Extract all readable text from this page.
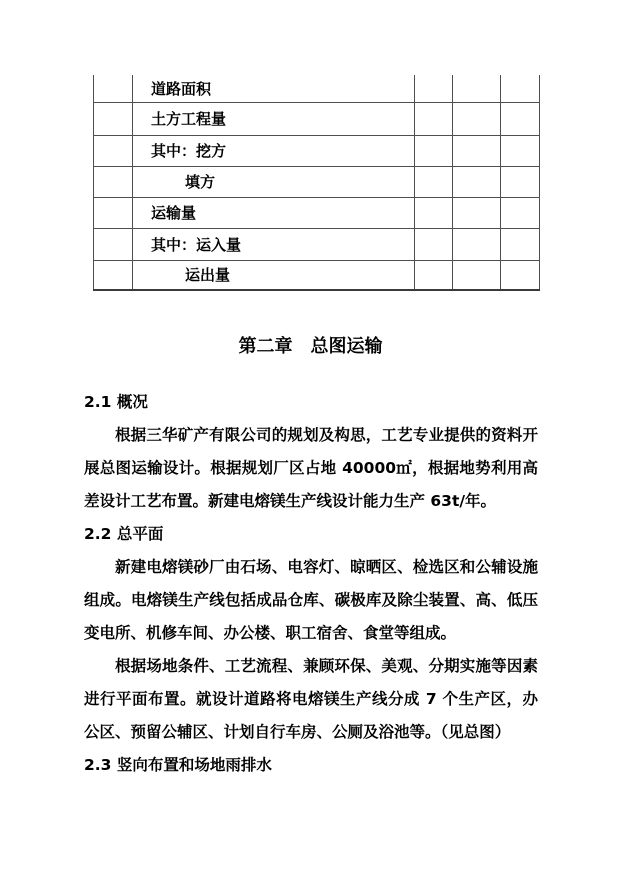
	道路面积			
	土方工程量			
	其中：挖方			
	填方			
	运输量			
	其中：运入量			
	运出量			
第二章　总图运输

2.1 概况

根据三华矿产有限公司的规划及构思，工艺专业提供的资料开展总图运输设计。根据规划厂区占地 40000㎡，根据地势利用高差设计工艺布置。新建电熔镁生产线设计能力生产 63t/年。

2.2 总平面

新建电熔镁砂厂由石场、电容灯、晾晒区、检选区和公辅设施组成。电熔镁生产线包括成品仓库、碳极库及除尘装置、高、低压变电所、机修车间、办公楼、职工宿舍、食堂等组成。

根据场地条件、工艺流程、兼顾环保、美观、分期实施等因素进行平面布置。就设计道路将电熔镁生产线分成 7 个生产区，办公区、预留公辅区、计划自行车房、公厕及浴池等。（见总图）

2.3 竖向布置和场地雨排水
